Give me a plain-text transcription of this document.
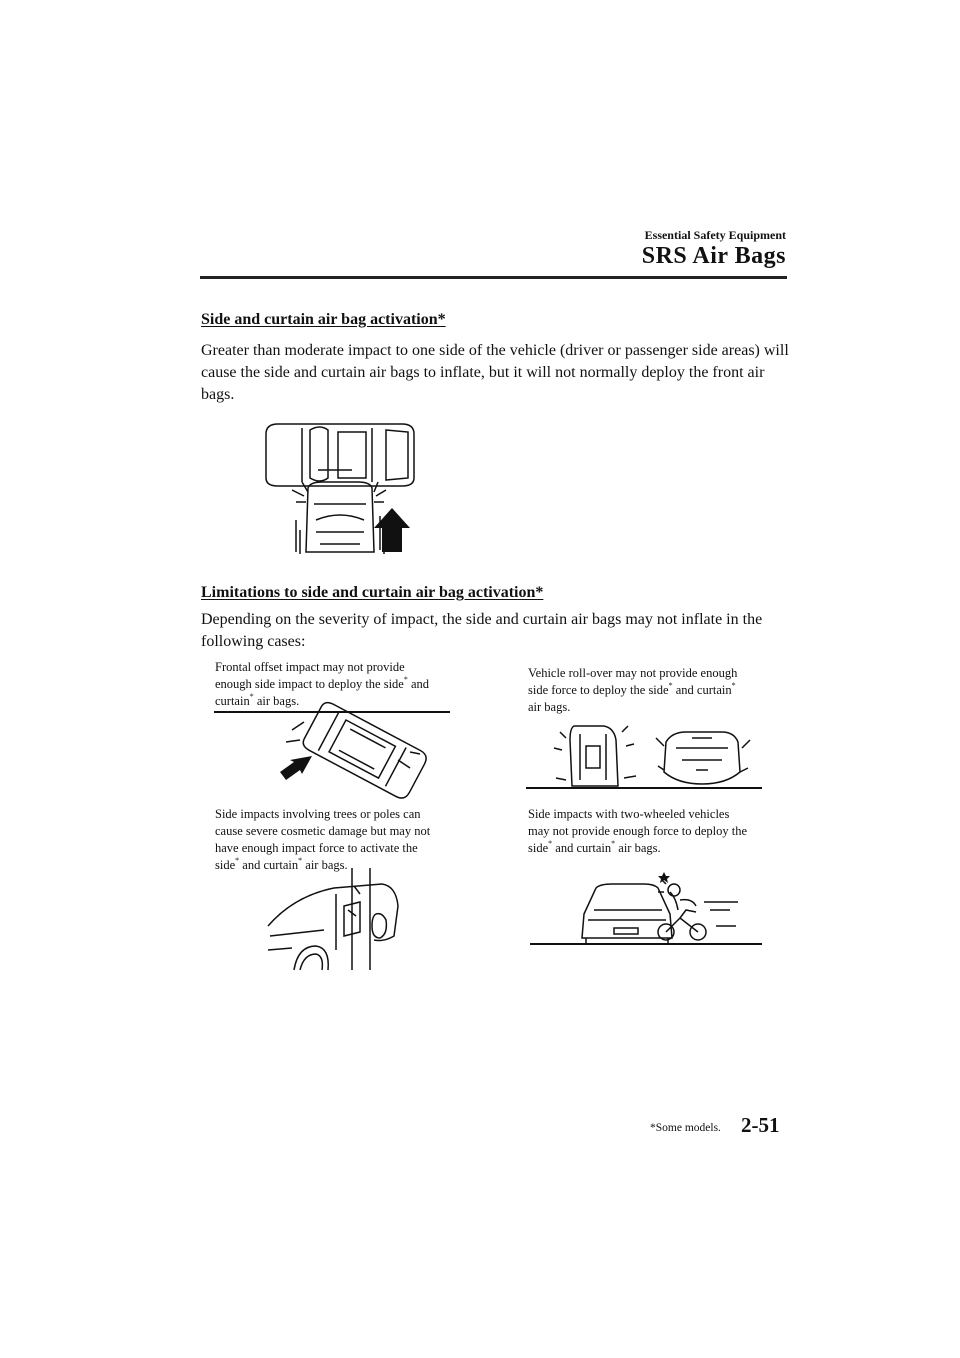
Essential Safety Equipment
SRS Air Bags
Side and curtain air bag activation*
Greater than moderate impact to one side of the vehicle (driver or passenger side areas) will cause the side and curtain air bags to inflate, but it will not normally deploy the front air bags.
Limitations to side and curtain air bag activation*
Depending on the severity of impact, the side and curtain air bags may not inflate in the following cases:
Frontal offset impact may not provide
enough side impact to deploy the side* and
curtain* air bags.
Vehicle roll-over may not provide enough
side force to deploy the side* and curtain*
air bags.
Side impacts involving trees or poles can
cause severe cosmetic damage but may not
have enough impact force to activate the
side* and curtain* air bags.
Side impacts with two-wheeled vehicles
may not provide enough force to deploy the
side* and curtain* air bags.
*Some models. 2-51
